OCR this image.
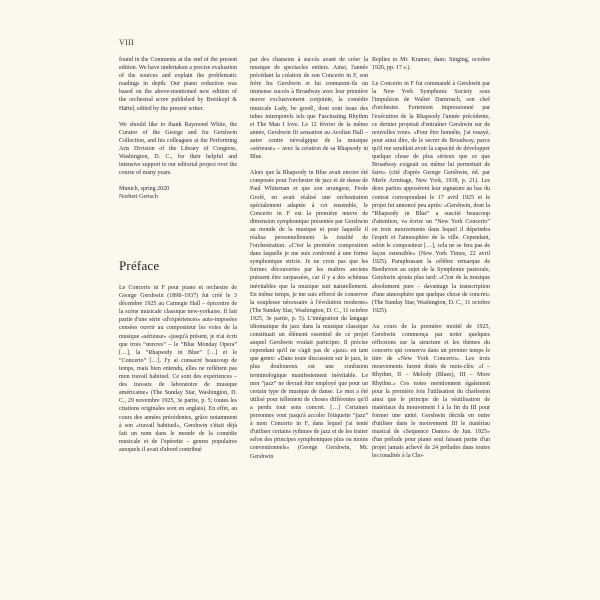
VIII

found in the Comments at the end of the present edition. We have undertaken a precise evaluation of the sources and explain the problematic readings in depth. Our piano reduction was based on the above-mentioned new edition of the orchestral score published by Breitkopf & Härtel, edited by the present writer.

We should like to thank Raymond White, the Curator of the George and Ira Gershwin Collection, and his colleagues at the Performing Arts Division of the Library of Congress, Washington, D. C., for their helpful and intensive support to our editorial project over the course of many years.

Munich, spring 2020

Norbert Gertsch

Préface

Le Concerto in F pour piano et orchestre de George Gershwin (1898–1937) fut créé le 3 décembre 1925 au Carnegie Hall – épicentre de la scène musicale classique new-yorkaise. Il fait partie d'une série «d'expériences» auto-imposées censées ouvrir au compositeur les voies de la musique «sérieuse» «jusqu'à présent, je n'ai écrit que trois “œuvres” – le “Blue Monday Opera” […], la “Rhapsody in Blue” […] et le “Concerto” […]. J'y ai consacré beaucoup de temps, mais bien entendu, elles ne reflètent pas mon travail habituel. Ce sont des expériences – des travaux de laboratoire de musique américaine» (The Sunday Star, Washington, D. C., 29 novembre 1925, 3e partie, p. 5; toutes les citations originales sont en anglais). En effet, au cours des années précédentes, grâce notamment à son «travail habituel», Gershwin s'était déjà fait un nom dans le monde de la comédie musicale et de l'opérette – genres populaires auxquels il avait d'abord contribué

par des chansons à succès avant de créer la musique de spectacles entiers. Ainsi, l'année précédant la création de son Concerto in F, son frère Ira Gershwin et lui connurent-ils un immense succès à Broadway avec leur première œuvre exclusivement conjointe, la comédie musicale Lady, be good!, dont sont issus des tubes intemporels tels que Fascinating Rhythm et The Man I love. Le 12 février de la même année, Gershwin fit sensation au Aeolian Hall – autre centre névralgique de la musique «sérieuse» – avec la création de sa Rhapsody in Blue.

Alors que la Rhapsody in Blue avait encore été composée pour l'orchestre de jazz et de danse de Paul Whiteman et que son arrangeur, Ferde Grofé, en avait réalisé une orchestration spécialement adaptée à cet ensemble, le Concerto in F est la première œuvre de dimension symphonique présentée par Gershwin au monde de la musique et pour laquelle il réalisa personnellement la totalité de l'orchestration. «C'est la première composition dans laquelle je me suis confronté à une forme symphonique stricte. Je ne crois pas que les formes découvertes par les maîtres anciens puissent être surpassées, car il y a des schémas inévitables que la musique suit naturellement. En même temps, je me suis efforcé de conserver la souplesse nécessaire à l'évolution moderne» (The Sunday Star, Washington, D. C., 11 octobre 1925, 3e partie, p. 5). L'intégration du langage idiomatique du jazz dans la musique classique constituait un élément essentiel de ce projet auquel Gershwin voulait participer. Il précise cependant qu'il ne s'agit pas de «jazz» en tant que genre: «Dans toute discussion sur le jazz, le plus douloureux est une confusion terminologique manifestement inévitable. Le mot “jazz” ne devrait être employé que pour un certain type de musique de danse. Le mot a été utilisé pour tellement de choses différentes qu'il a perdu tout sens concret. […] Certaines personnes vont jusqu'à accoler l'étiquette “jazz” à mon Concerto in F, dans lequel j'ai tenté d'utiliser certains rythmes de jazz et de les traiter selon des principes symphoniques plus ou moins conventionnels» (George Gershwin, Mr. Gershwin

Replies to Mr. Kramer, dans: Singing, octobre 1926, pp. 17 s.).

Le Concerto in F fut commandé à Gershwin par la New York Symphonic Society sous l'impulsion de Walter Damrosch, son chef d'orchestre. Fortement impressionné par l'exécution de la Rhapsody l'année précédente, ce dernier projetait d'entraîner Gershwin sur de nouvelles voies. «Pour être honnête, j'ai essayé, pour ainsi dire, de le secrer de Broadway, parce qu'il me semblait avoir la capacité de développer quelque chose de plus sérieux que ce que Broadway exigeait ou même lui permettait de faire» (cité d'après George Gershwin, éd. par Merle Armitage, New York, 1938, p. 21). Les deux parties apposèrent leur signature au bas du contrat correspondant le 17 avril 1925 et le projet fut annoncé peu après: «Gershwin, dont la “Rhapsody in Blue” a suscité beaucoup d'attention, va écrire un “New York Concerto” en trois mouvements dans lequel il dépeindra l'esprit et l'atmosphère de la ville. Cependant, selon le compositeur […], cela ne se fera pas de façon ostensible» (New York Times, 22 avril 1925). Paraphrasant la célèbre remarque de Beethoven au sujet de la Symphonie pastorale, Gershwin ajouta plus tard: «C'est de la musique absolument pure – davantage la transcription d'une atmosphère que quelque chose de concret» (The Sunday Star, Washington, D. C., 11 octobre 1925).

Au cours de la première moitié de 1925, Gershwin commença par noter quelques réflexions sur la structure et les thèmes du concerto qui conserva dans un premier temps le titre de «New York Concerto». Les trois mouvements furent dotés de mots-clés: «I – Rhythm, II – Melody (Blues), III – More Rhythm.» Ces notes mentionnent également pour la première fois l'utilisation du charleston ainsi que le principe de la réutilisation de matériaux du mouvement I à la fin du III pour former une unité. Gershwin décida en outre d'utiliser dans le mouvement III le matériau musical de «Sequence Dance» de Jun. 1925» d'un prélude pour piano seul faisant partie d'un projet jamais achevé de 24 préludes dans toutes les tonalités à la Cho-
